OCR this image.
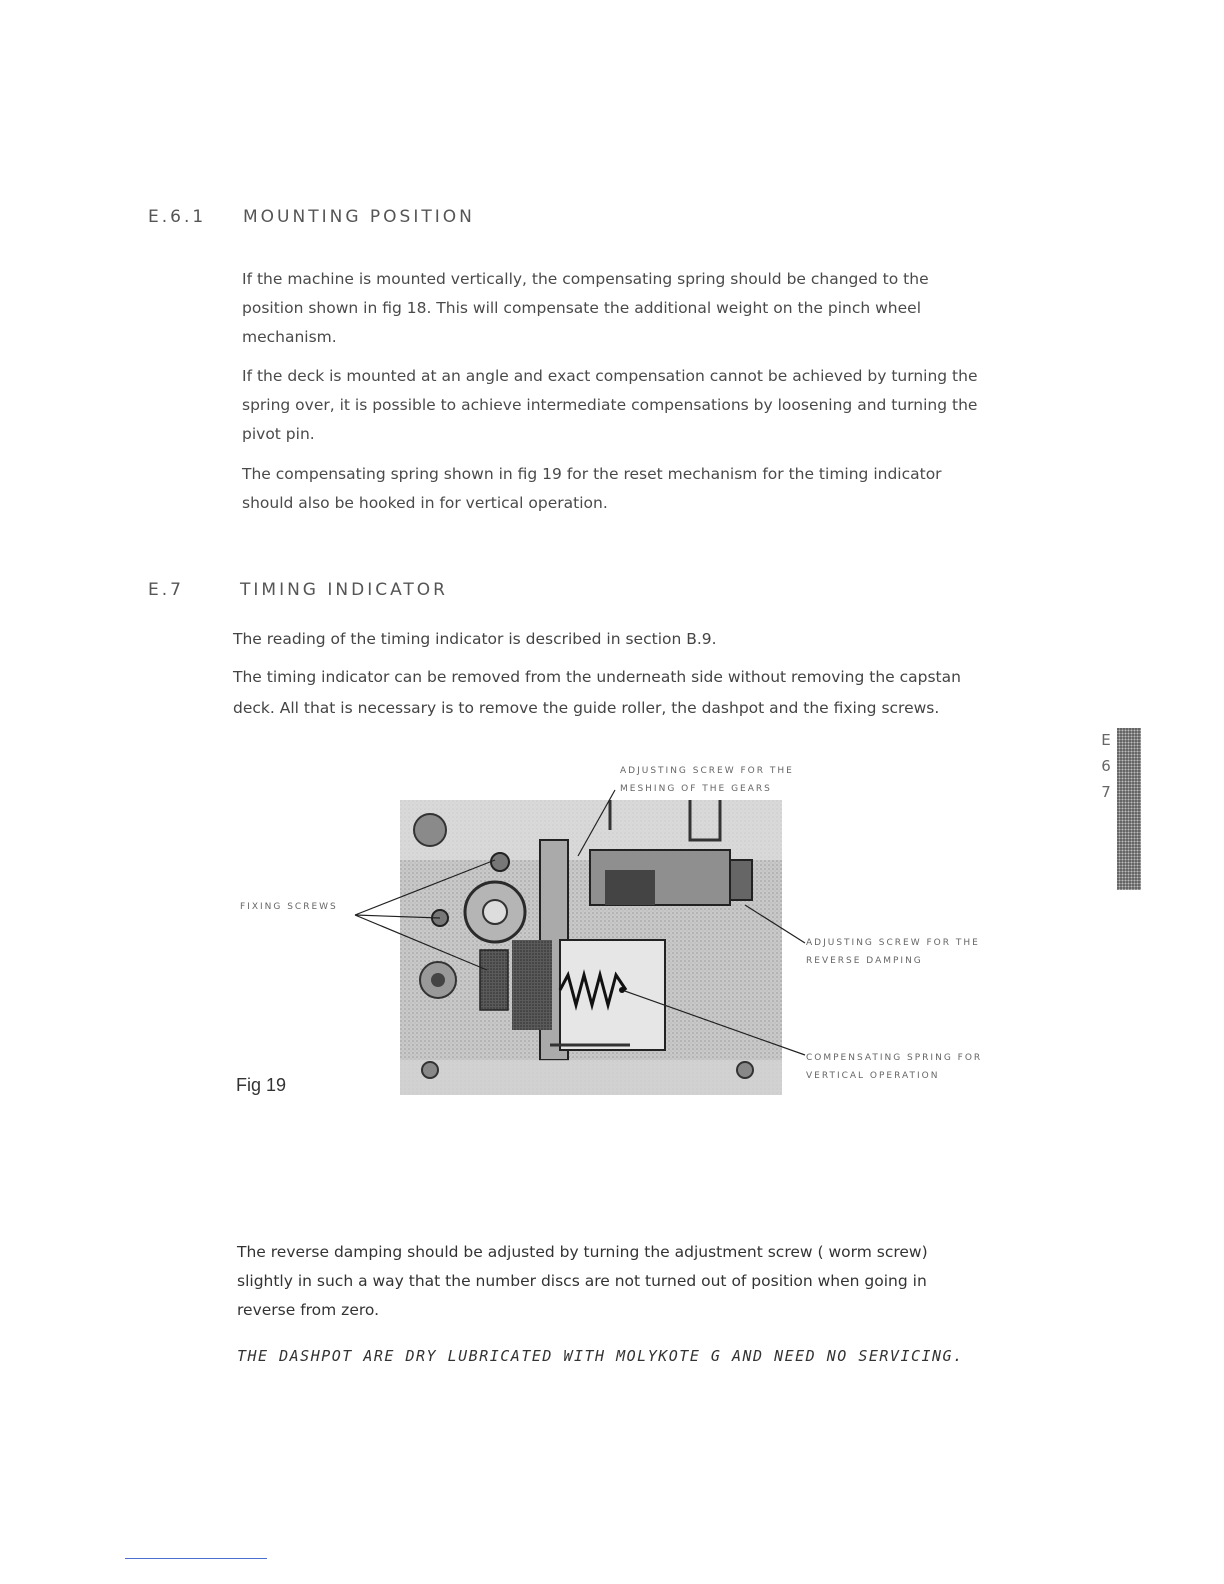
E.6.1 MOUNTING POSITION

If the machine is mounted vertically, the compensating spring should be changed to the position shown in fig 18. This will compensate the additional weight on the pinch wheel mechanism.

If the deck is mounted at an angle and exact compensation cannot be achieved by turning the spring over, it is possible to achieve intermediate compensations by loosening and turning the pivot pin.

The compensating spring shown in fig 19 for the reset mechanism for the timing indicator should also be hooked in for vertical operation.

E.7	TIMING INDICATOR

The reading of the timing indicator is described in section B.9.

The timing indicator can be removed from the underneath side without removing the capstan deck. All that is necessary is to remove the guide roller, the dashpot and the fixing screws.

ADJUSTING SCREW FOR THE
MESHING OF THE GEARS
FIXING SCREWS
ADJUSTING SCREW FOR THE
REVERSE DAMPING
COMPENSATING SPRING FOR
VERTICAL OPERATION
Fig 19

The reverse damping should be adjusted by turning the adjustment screw ( worm screw) slightly in such a way that the number discs are not turned out of position when going in reverse from zero.

THE DASHPOT ARE DRY LUBRICATED WITH MOLYKOTE G AND NEED NO SERVICING.
E
6
7
